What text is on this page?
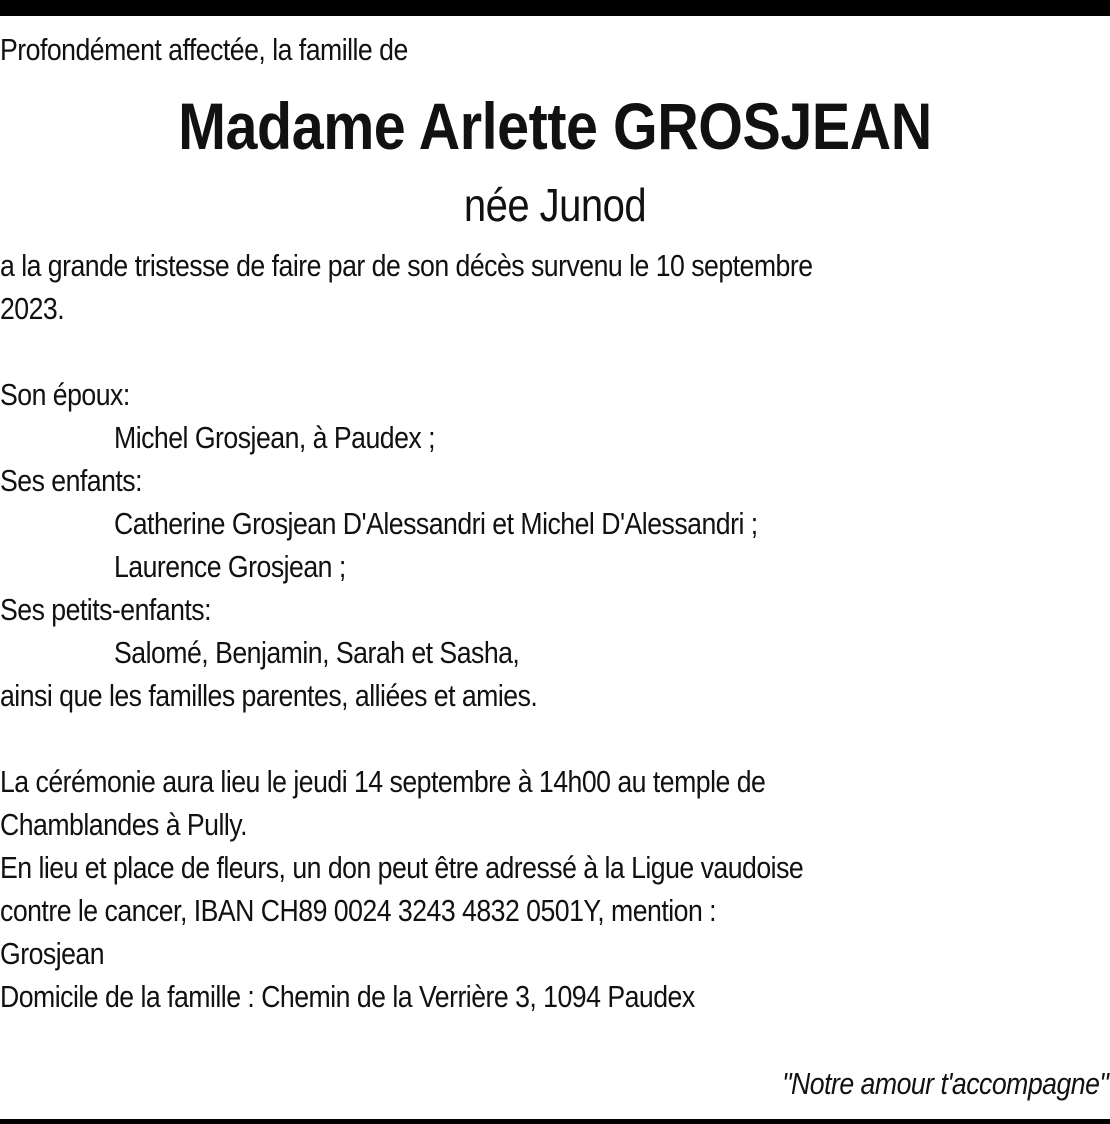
Profondément affectée, la famille de
Madame Arlette GROSJEAN
née Junod
a la grande tristesse de faire par de son décès survenu le 10 septembre
2023.
Son époux:
Michel Grosjean, à Paudex ;
Ses enfants:
Catherine Grosjean D'Alessandri et Michel D'Alessandri ;
Laurence Grosjean ;
Ses petits-enfants:
Salomé, Benjamin, Sarah et Sasha,
ainsi que les familles parentes, alliées et amies.
La cérémonie aura lieu le jeudi 14 septembre à 14h00 au temple de
Chamblandes à Pully.
En lieu et place de fleurs, un don peut être adressé à la Ligue vaudoise
contre le cancer, IBAN CH89 0024 3243 4832 0501Y, mention :
Grosjean
Domicile de la famille : Chemin de la Verrière 3, 1094 Paudex
"Notre amour t'accompagne"
